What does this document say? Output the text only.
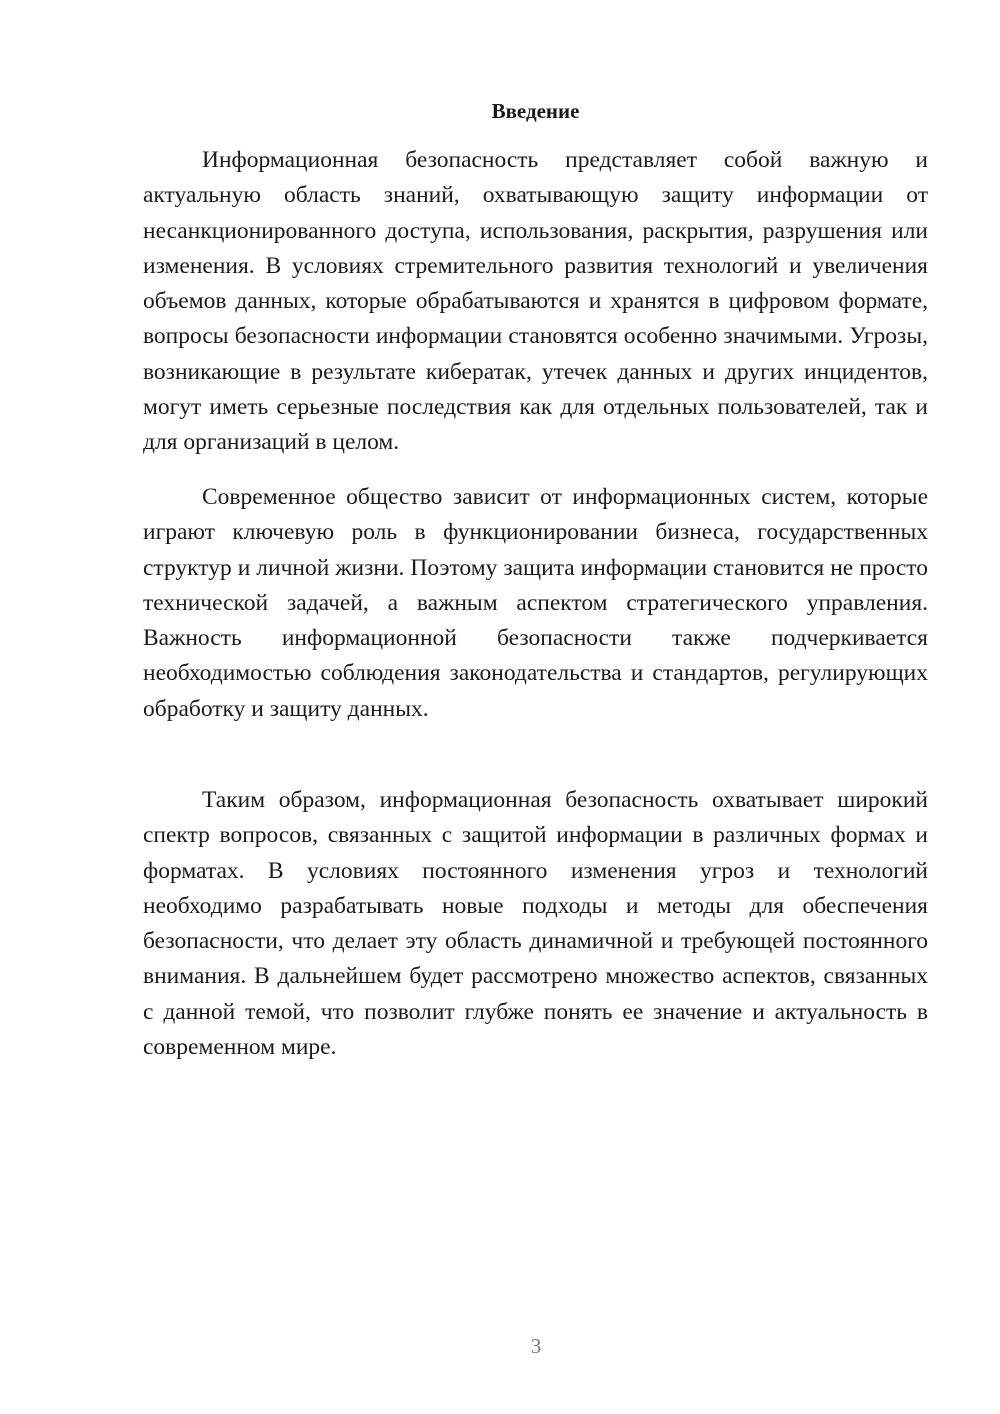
Введение

Информационная безопасность представляет собой важную и актуальную область знаний, охватывающую защиту информации от несанкционированного доступа, использования, раскрытия, разрушения или изменения. В условиях стремительного развития технологий и увеличения объемов данных, которые обрабатываются и хранятся в цифровом формате, вопросы безопасности информации становятся особенно значимыми. Угрозы, возникающие в результате кибератак, утечек данных и других инцидентов, могут иметь серьезные последствия как для отдельных пользователей, так и для организаций в целом.

Современное общество зависит от информационных систем, которые играют ключевую роль в функционировании бизнеса, государственных структур и личной жизни. Поэтому защита информации становится не просто технической задачей, а важным аспектом стратегического управления. Важность информационной безопасности также подчеркивается необходимостью соблюдения законодательства и стандартов, регулирующих обработку и защиту данных.

Таким образом, информационная безопасность охватывает широкий спектр вопросов, связанных с защитой информации в различных формах и форматах. В условиях постоянного изменения угроз и технологий необходимо разрабатывать новые подходы и методы для обеспечения безопасности, что делает эту область динамичной и требующей постоянного внимания. В дальнейшем будет рассмотрено множество аспектов, связанных с данной темой, что позволит глубже понять ее значение и актуальность в современном мире.

3
